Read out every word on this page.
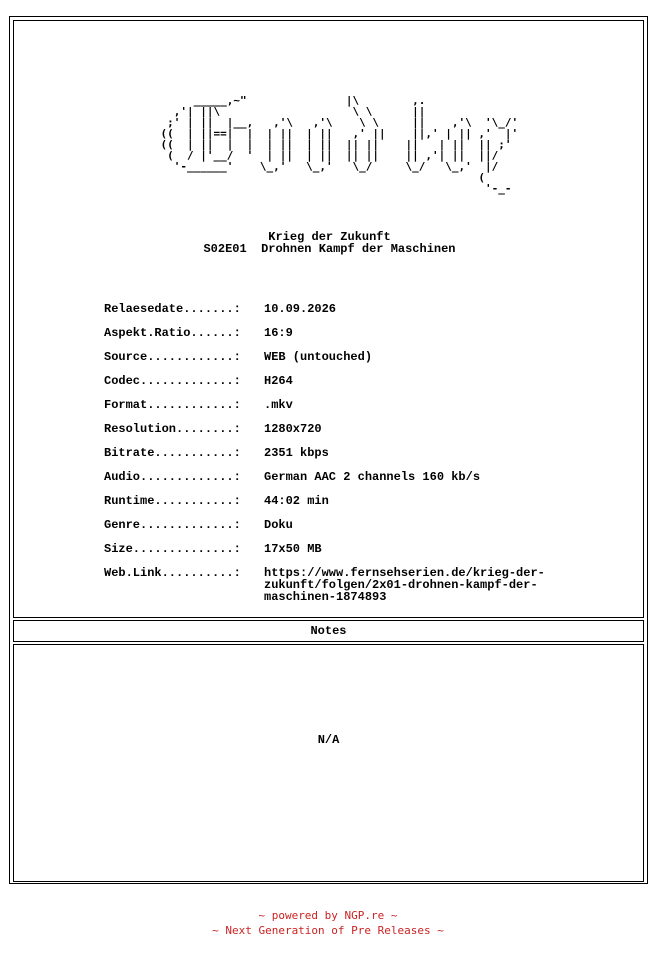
_____,~"               |\        ,.
,'| ||\                    \ \      ||
;' | ||  |__,   ,'\   ,'\    \ \     ||    ,'\  '\_/'
((  | ||==|  |  | ||  | ||   ,' ||    ||,' | || ,'  |'
((  | ||  |  |  | ||  | ||  || ||    ||   | ||  || ;'
(  / |'__/  '  | ||  | ||  || ||    || ,'| ||  ||/
'-______'    \_,'   \_,'   \_/     \_/   \_,'  |/
(
'-_-
Krieg der Zukunft
S02E01  Drohnen Kampf der Maschinen
Relaesedate.......:	10.09.2026
Aspekt.Ratio......:	16:9
Source............:	WEB (untouched)
Codec.............:	H264
Format............:	.mkv
Resolution........:	1280x720
Bitrate...........:	2351 kbps
Audio.............:	German AAC 2 channels 160 kb/s
Runtime...........:	44:02 min
Genre.............:	Doku
Size..............:	17x50 MB
Web.Link..........:	https://www.fernsehserien.de/krieg-der-
zukunft/folgen/2x01-drohnen-kampf-der-
maschinen-1874893
Notes
N/A
~ powered by NGP.re ~
~ Next Generation of Pre Releases ~
